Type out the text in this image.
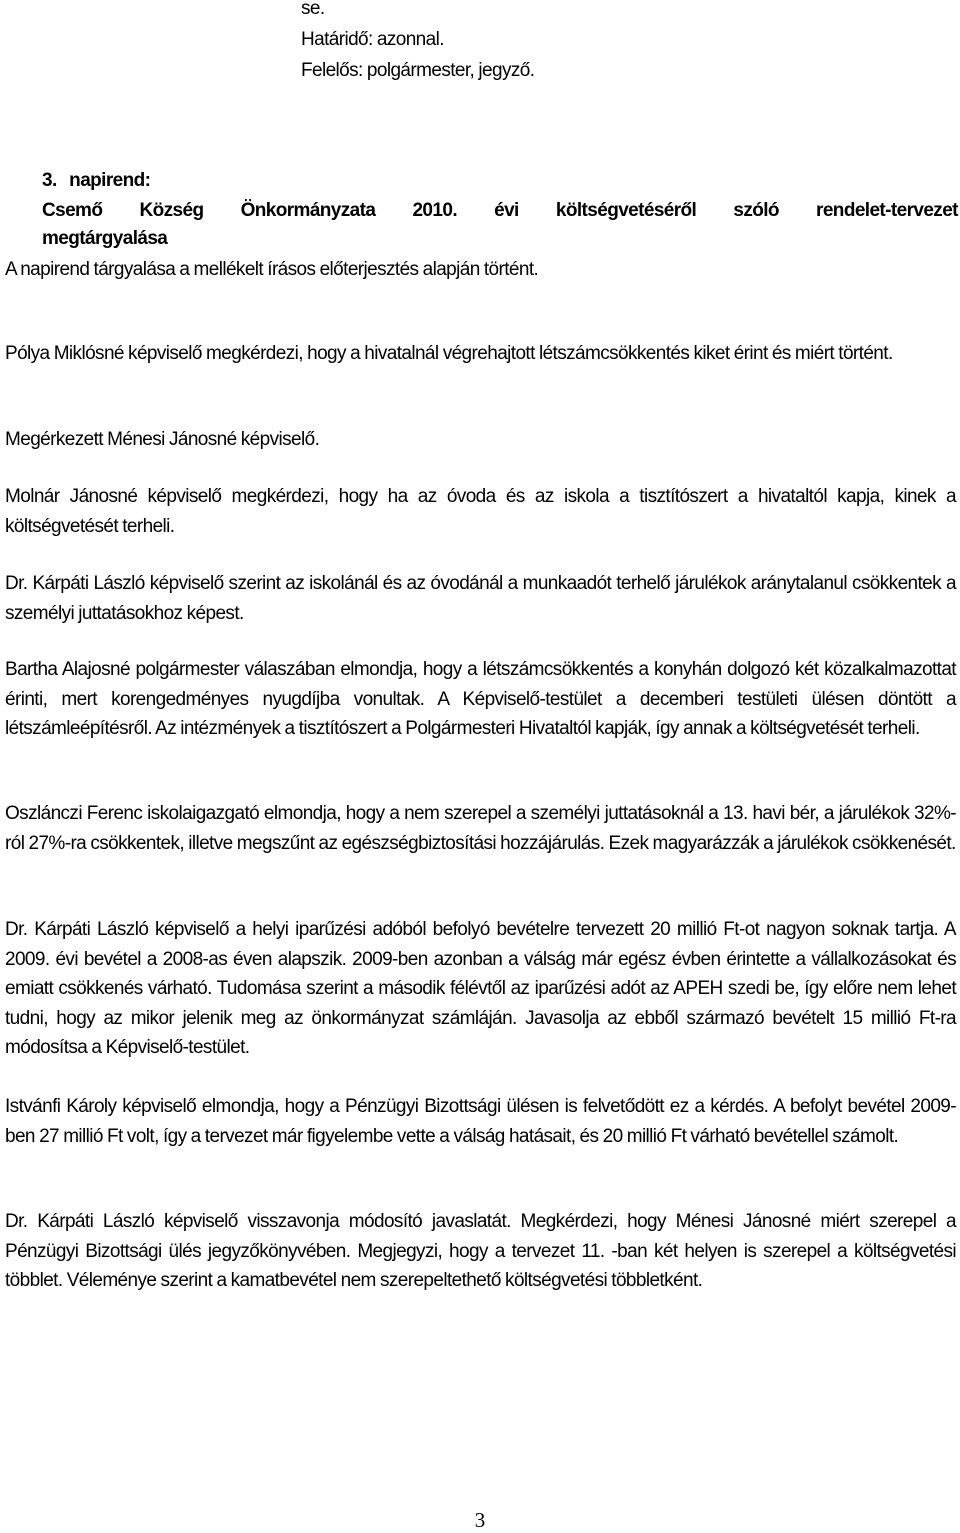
se.
Határidő: azonnal.
Felelős: polgármester, jegyző.
3.   napirend:
Csemő Község Önkormányzata 2010. évi költségvetéséről szóló rendelet-tervezet
megtárgyalása

A napirend tárgyalása a mellékelt írásos előterjesztés alapján történt.

Pólya Miklósné képviselő megkérdezi, hogy a hivatalnál végrehajtott létszámcsökkentés kiket érint és miért történt.

Megérkezett Ménesi Jánosné képviselő.

Molnár Jánosné képviselő megkérdezi, hogy ha az óvoda és az iskola a tisztítószert a hivataltól kapja, kinek a költségvetését terheli.

Dr. Kárpáti László képviselő szerint az iskolánál és az óvodánál a munkaadót terhelő járulékok aránytalanul csökkentek a személyi juttatásokhoz képest.

Bartha Alajosné polgármester válaszában elmondja, hogy a létszámcsökkentés a konyhán dolgozó két közalkalmazottat érinti, mert korengedményes nyugdíjba vonultak. A Képviselő-testület a decemberi testületi ülésen döntött a létszámleépítésről. Az intézmények a tisztítószert a Polgármesteri Hivataltól kapják, így annak a költségvetését terheli.

Oszlánczi Ferenc iskolaigazgató elmondja, hogy a nem szerepel a személyi juttatásoknál a 13. havi bér, a járulékok 32%-ról 27%-ra csökkentek, illetve megszűnt az egészségbiztosítási hozzájárulás. Ezek magyarázzák a járulékok csökkenését.

Dr. Kárpáti László képviselő a helyi iparűzési adóból befolyó bevételre tervezett 20 millió Ft-ot nagyon soknak tartja. A 2009. évi bevétel a 2008-as éven alapszik. 2009-ben azonban a válság már egész évben érintette a vállalkozásokat és emiatt csökkenés várható. Tudomása szerint a második félévtől az iparűzési adót az APEH szedi be, így előre nem lehet tudni, hogy az mikor jelenik meg az önkormányzat számláján. Javasolja az ebből származó bevételt 15 millió Ft-ra módosítsa a Képviselő-testület.

Istvánfi Károly képviselő elmondja, hogy a Pénzügyi Bizottsági ülésen is felvetődött ez a kérdés. A befolyt bevétel 2009-ben 27 millió Ft volt, így a tervezet már figyelembe vette a válság hatásait, és 20 millió Ft várható bevétellel számolt.

Dr. Kárpáti László képviselő visszavonja módosító javaslatát. Megkérdezi, hogy Ménesi Jánosné miért szerepel a Pénzügyi Bizottsági ülés jegyzőkönyvében. Megjegyzi, hogy a tervezet 11. -ban két helyen is szerepel a költségvetési többlet. Véleménye szerint a kamatbevétel nem szerepeltethető költségvetési többletként.

3
